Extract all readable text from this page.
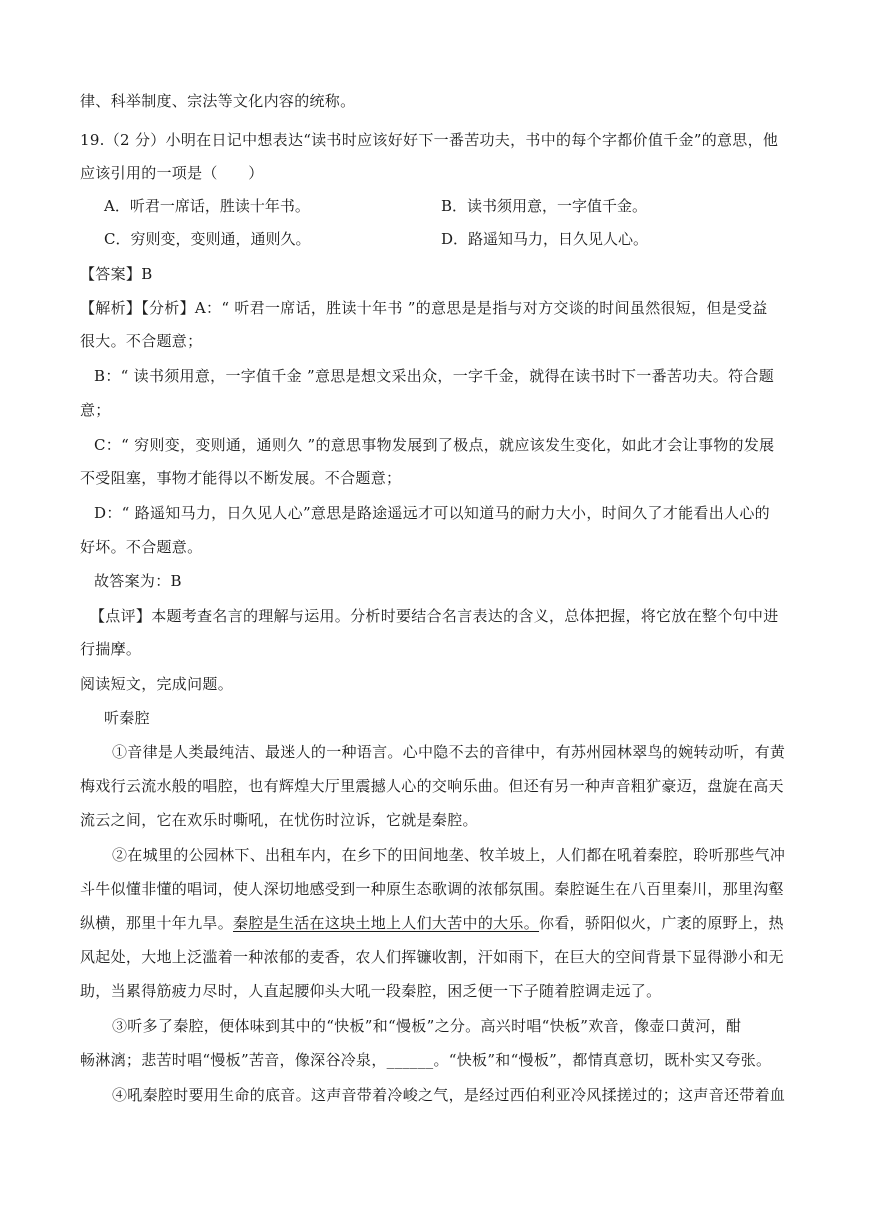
律、科举制度、宗法等文化内容的统称。
19.（2 分）小明在日记中想表达“读书时应该好好下一番苦功夫，书中的每个字都价值千金”的意思，他
应该引用的一项是（　　）
A．听君一席话，胜读十年书。	B．读书须用意，一字值千金。
C．穷则变，变则通，通则久。	D．路遥知马力，日久见人心。
【答案】B
【解析】【分析】A：“ 听君一席话，胜读十年书 ”的意思是是指与对方交谈的时间虽然很短，但是受益
很大。不合题意；
B：“ 读书须用意，一字值千金 ”意思是想文采出众，一字千金，就得在读书时下一番苦功夫。符合题
意；
C：“ 穷则变，变则通，通则久 ”的意思事物发展到了极点，就应该发生变化，如此才会让事物的发展
不受阻塞，事物才能得以不断发展。不合题意；
D：“ 路遥知马力，日久见人心”意思是路途遥远才可以知道马的耐力大小，时间久了才能看出人心的
好坏。不合题意。
故答案为：B
【点评】本题考查名言的理解与运用。分析时要结合名言表达的含义，总体把握，将它放在整个句中进
行揣摩。
阅读短文，完成问题。
听秦腔
①音律是人类最纯洁、最迷人的一种语言。心中隐不去的音律中，有苏州园林翠鸟的婉转动听，有黄
梅戏行云流水般的唱腔，也有辉煌大厅里震撼人心的交响乐曲。但还有另一种声音粗犷豪迈，盘旋在高天
流云之间，它在欢乐时嘶吼，在忧伤时泣诉，它就是秦腔。
②在城里的公园林下、出租车内，在乡下的田间地垄、牧羊坡上，人们都在吼着秦腔，聆听那些气冲
斗牛似懂非懂的唱词，使人深切地感受到一种原生态歌调的浓郁氛围。秦腔诞生在八百里秦川，那里沟壑
纵横，那里十年九旱。秦腔是生活在这块土地上人们大苦中的大乐。你看，骄阳似火，广袤的原野上，热
风起处，大地上泛滥着一种浓郁的麦香，农人们挥镰收割，汗如雨下，在巨大的空间背景下显得渺小和无
助，当累得筋疲力尽时，人直起腰仰头大吼一段秦腔，困乏便一下子随着腔调走远了。
③听多了秦腔，便体味到其中的“快板”和“慢板”之分。高兴时唱“快板”欢音，像壶口黄河，酣
畅淋漓；悲苦时唱“慢板”苦音，像深谷冷泉，______。“快板”和“慢板”，都情真意切，既朴实又夸张。
④吼秦腔时要用生命的底音。这声音带着冷峻之气，是经过西伯利亚冷风揉搓过的；这声音还带着血
